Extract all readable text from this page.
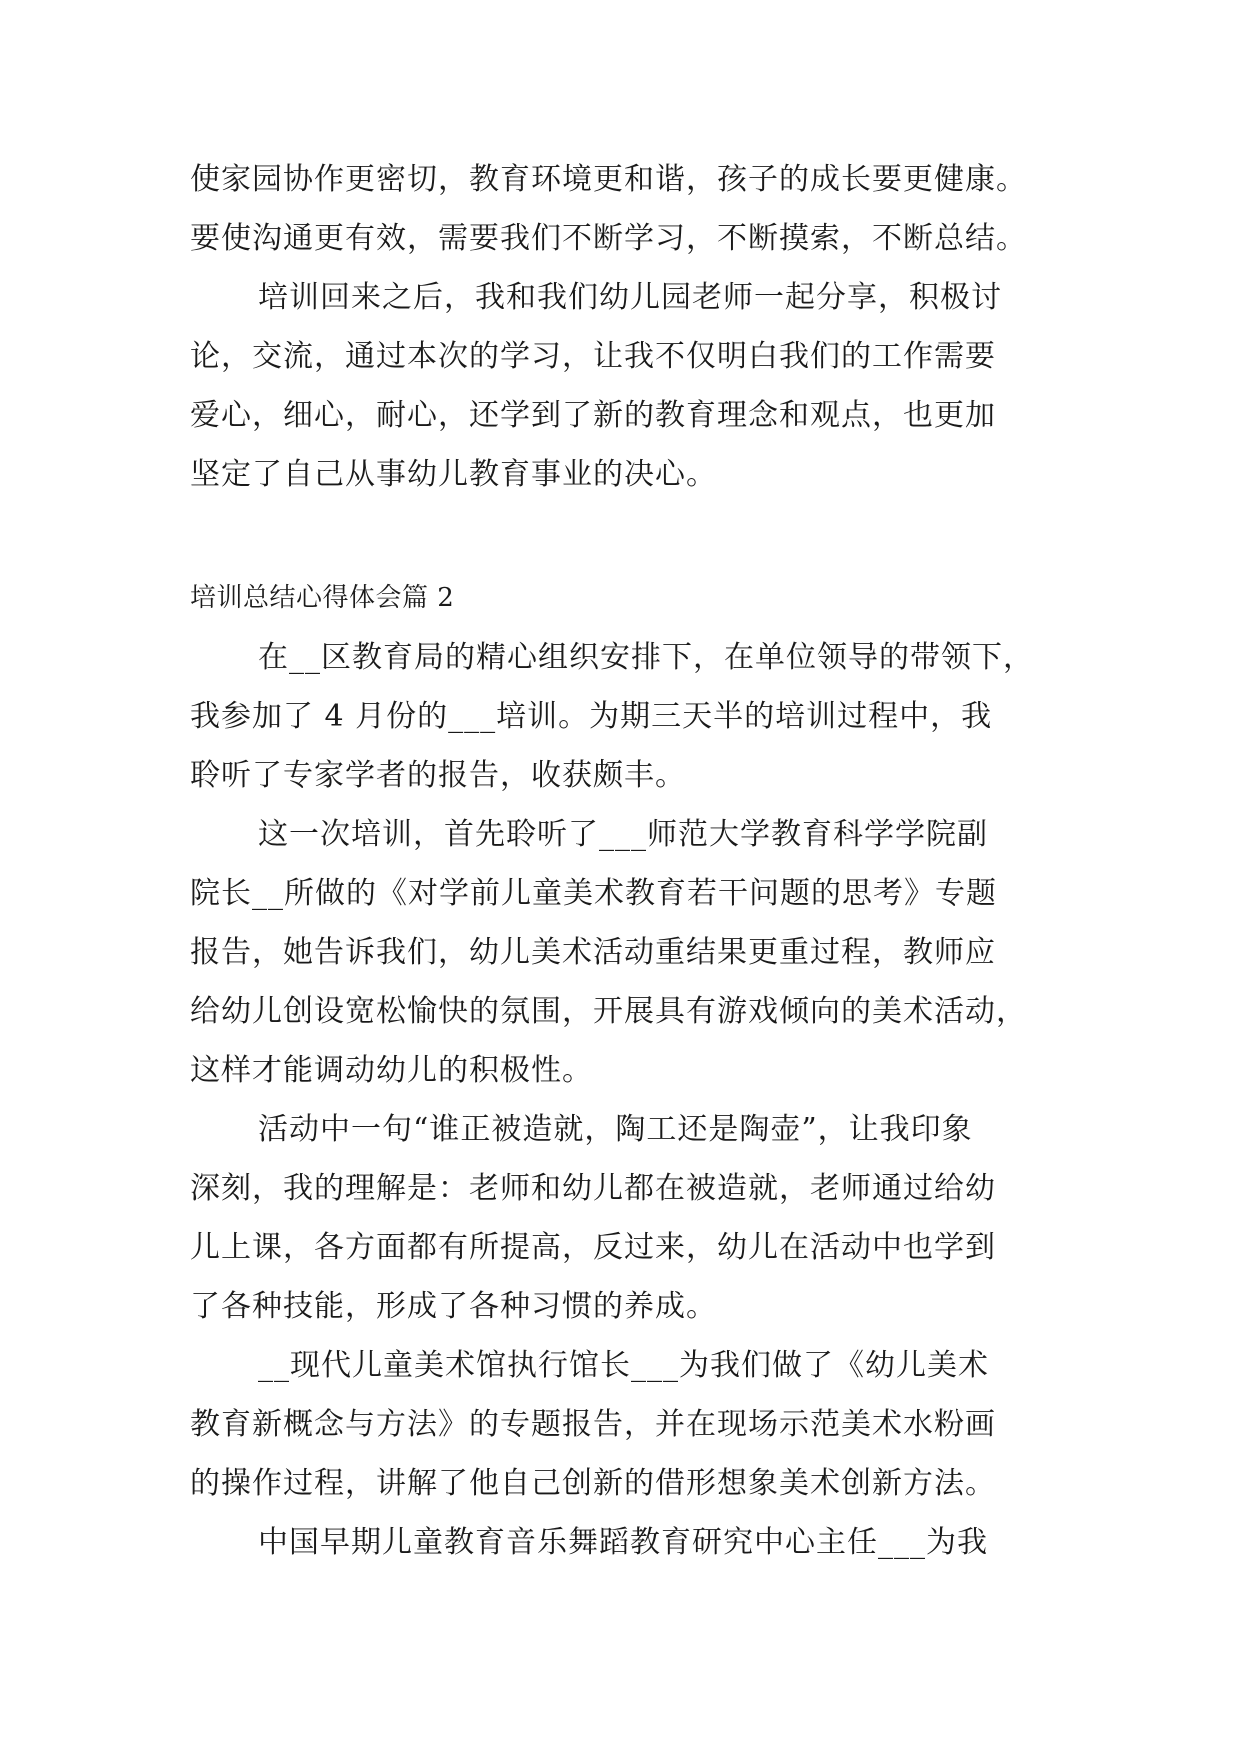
使家园协作更密切，教育环境更和谐，孩子的成长要更健康。
要使沟通更有效，需要我们不断学习，不断摸索，不断总结。
培训回来之后，我和我们幼儿园老师一起分享，积极讨
论，交流，通过本次的学习，让我不仅明白我们的工作需要
爱心，细心，耐心，还学到了新的教育理念和观点，也更加
坚定了自己从事幼儿教育事业的决心。
培训总结心得体会篇 2
在__区教育局的精心组织安排下，在单位领导的带领下，
我参加了 4 月份的___培训。为期三天半的培训过程中，我
聆听了专家学者的报告，收获颇丰。
这一次培训，首先聆听了___师范大学教育科学学院副
院长__所做的《对学前儿童美术教育若干问题的思考》专题
报告，她告诉我们，幼儿美术活动重结果更重过程，教师应
给幼儿创设宽松愉快的氛围，开展具有游戏倾向的美术活动，
这样才能调动幼儿的积极性。
活动中一句“谁正被造就，陶工还是陶壶”，让我印象
深刻，我的理解是：老师和幼儿都在被造就，老师通过给幼
儿上课，各方面都有所提高，反过来，幼儿在活动中也学到
了各种技能，形成了各种习惯的养成。
__现代儿童美术馆执行馆长___为我们做了《幼儿美术
教育新概念与方法》的专题报告，并在现场示范美术水粉画
的操作过程，讲解了他自己创新的借形想象美术创新方法。
中国早期儿童教育音乐舞蹈教育研究中心主任___为我
